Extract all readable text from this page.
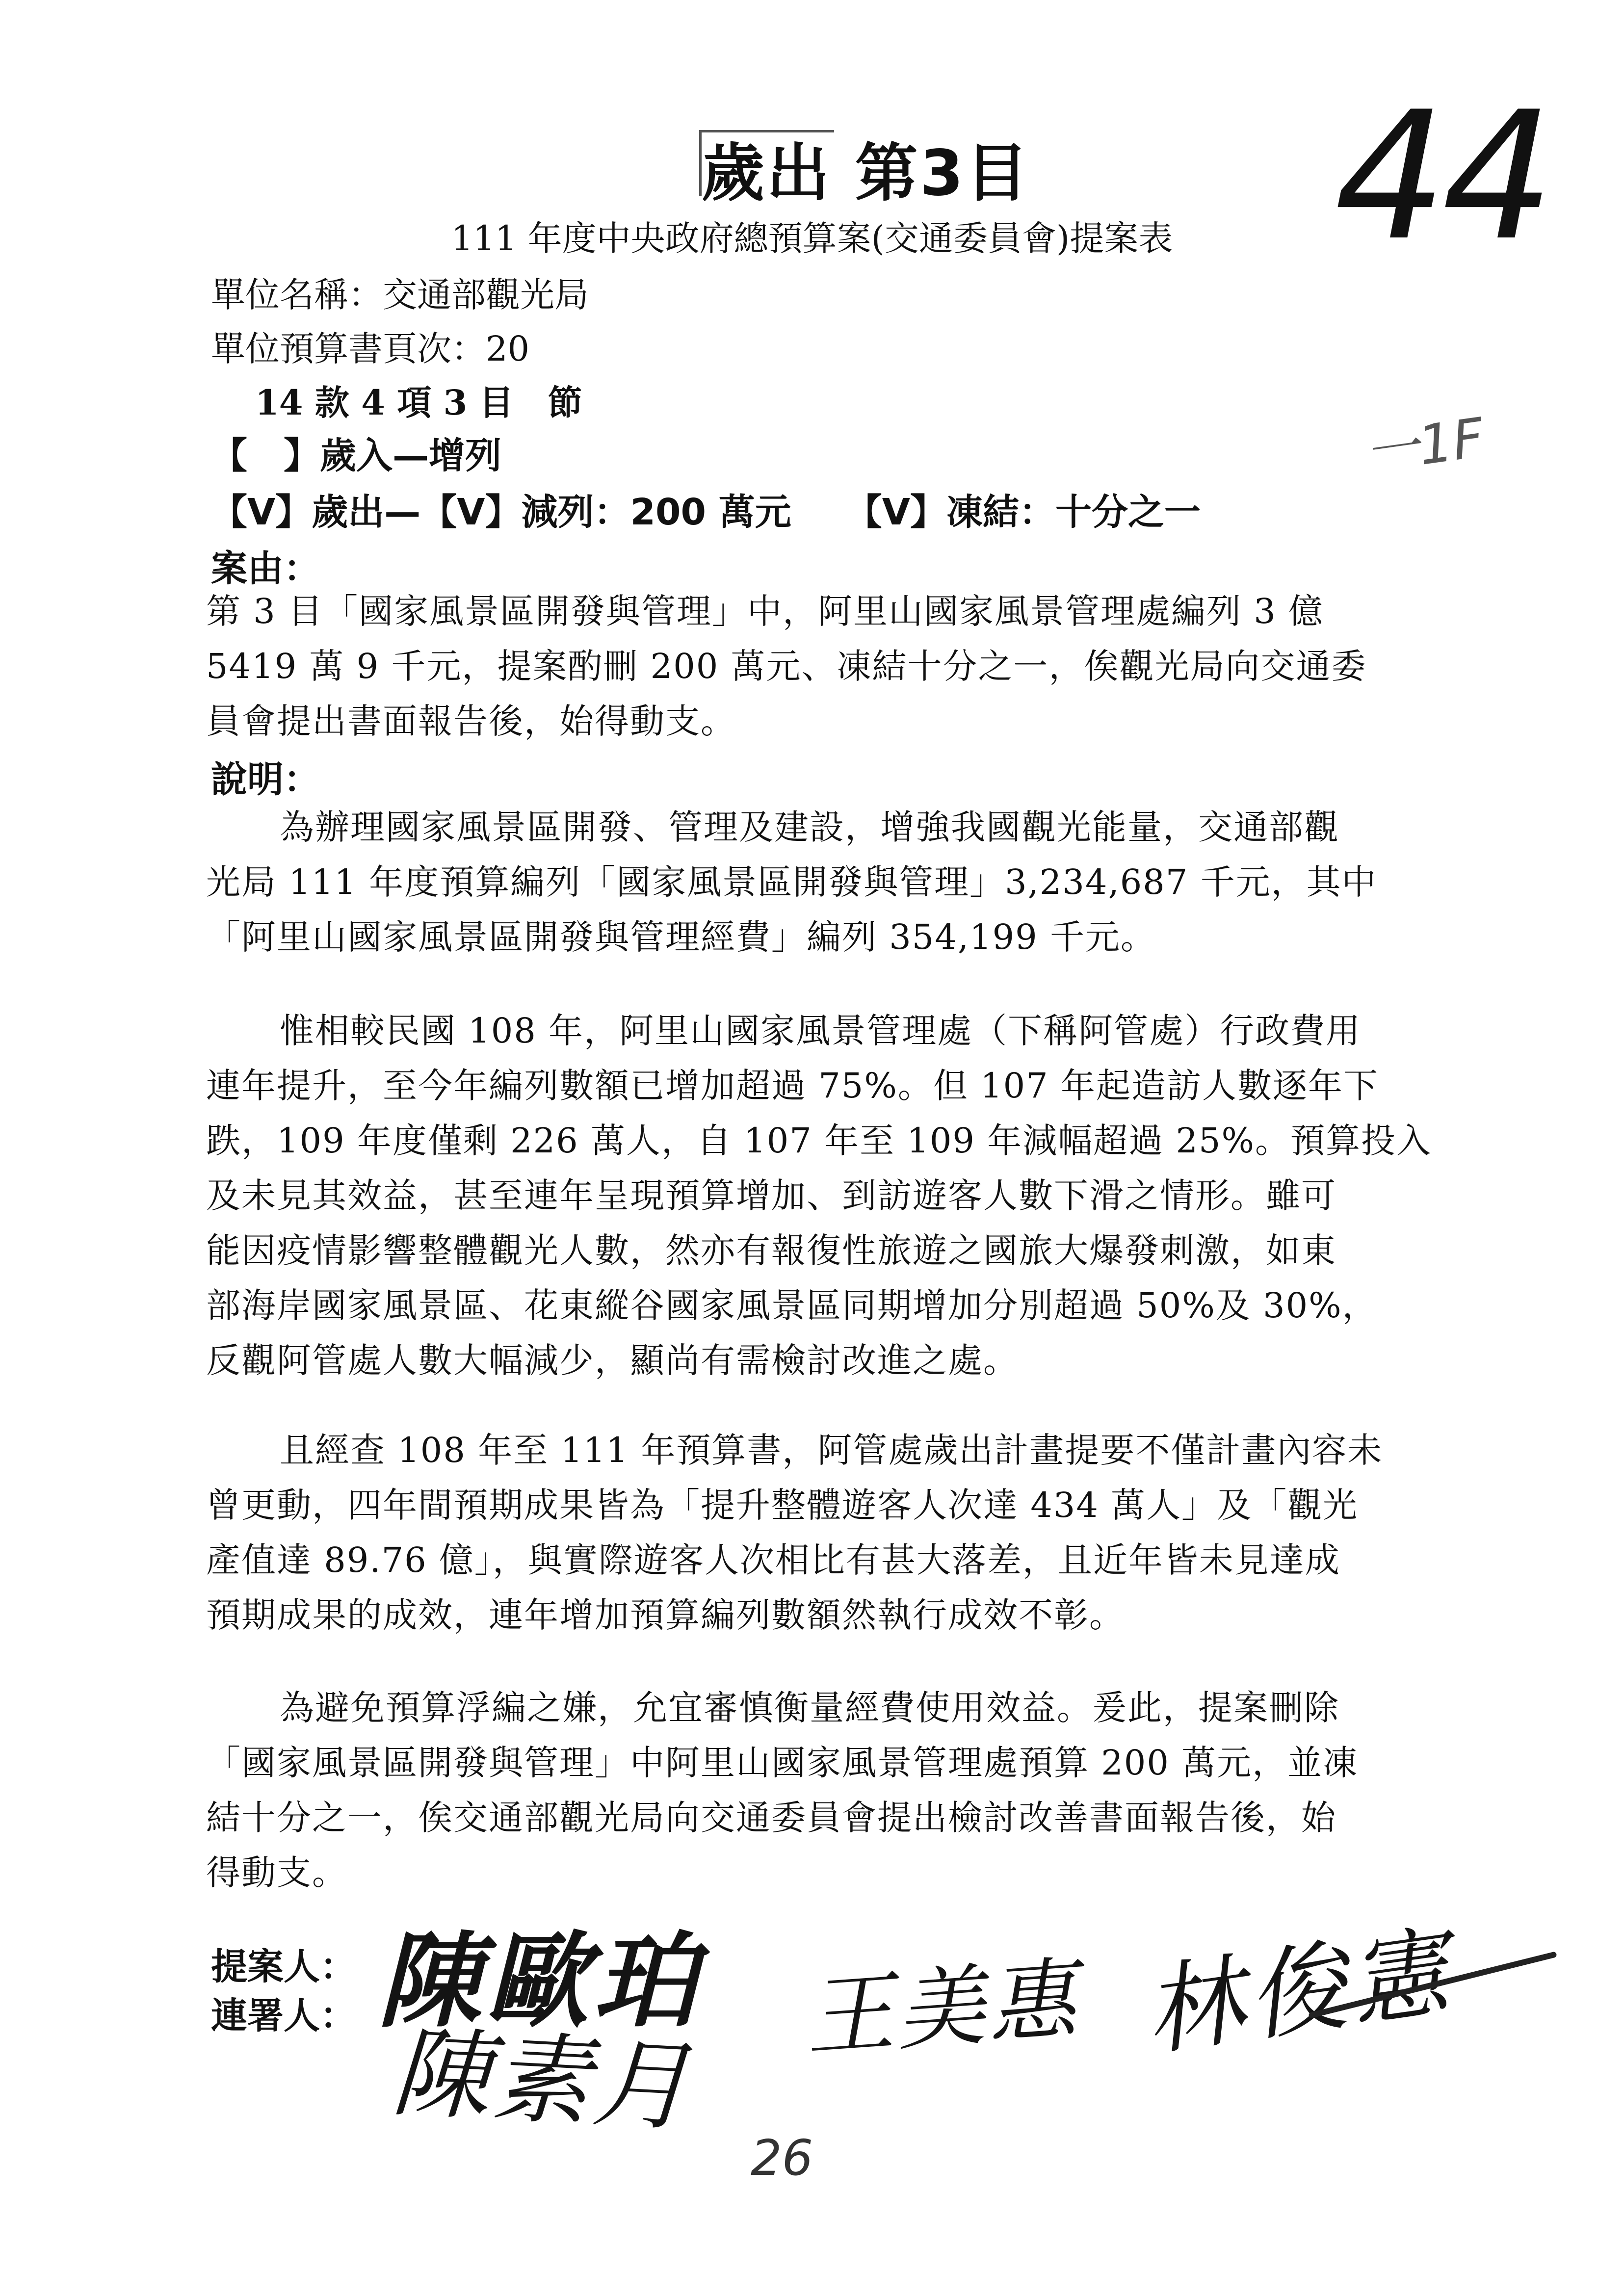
歲出 第3目 44
一1F
111 年度中央政府總預算案(交通委員會)提案表
單位名稱：交通部觀光局
單位預算書頁次：20
14 款 4 項 3 目　節
【　】歲入—增列
【V】歲出—【V】減列：200 萬元　　【V】凍結：十分之一
案由：
第 3 目「國家風景區開發與管理」中，阿里山國家風景管理處編列 3 億
5419 萬 9 千元，提案酌刪 200 萬元、凍結十分之一，俟觀光局向交通委
員會提出書面報告後，始得動支。
說明：
為辦理國家風景區開發、管理及建設，增強我國觀光能量，交通部觀
光局 111 年度預算編列「國家風景區開發與管理」3,234,687 千元，其中
「阿里山國家風景區開發與管理經費」編列 354,199 千元。
惟相較民國 108 年，阿里山國家風景管理處（下稱阿管處）行政費用
連年提升，至今年編列數額已增加超過 75%。但 107 年起造訪人數逐年下
跌，109 年度僅剩 226 萬人，自 107 年至 109 年減幅超過 25%。預算投入
及未見其效益，甚至連年呈現預算增加、到訪遊客人數下滑之情形。雖可
能因疫情影響整體觀光人數，然亦有報復性旅遊之國旅大爆發刺激，如東
部海岸國家風景區、花東縱谷國家風景區同期增加分別超過 50%及 30%，
反觀阿管處人數大幅減少，顯尚有需檢討改進之處。
且經查 108 年至 111 年預算書，阿管處歲出計畫提要不僅計畫內容未
曾更動，四年間預期成果皆為「提升整體遊客人次達 434 萬人」及「觀光
產值達 89.76 億」，與實際遊客人次相比有甚大落差，且近年皆未見達成
預期成果的成效，連年增加預算編列數額然執行成效不彰。
為避免預算浮編之嫌，允宜審慎衡量經費使用效益。爰此，提案刪除
「國家風景區開發與管理」中阿里山國家風景管理處預算 200 萬元，並凍
結十分之一，俟交通部觀光局向交通委員會提出檢討改善書面報告後，始
得動支。
提案人：
連署人： 陳歐珀 王美惠 林俊憲
陳素月
26
